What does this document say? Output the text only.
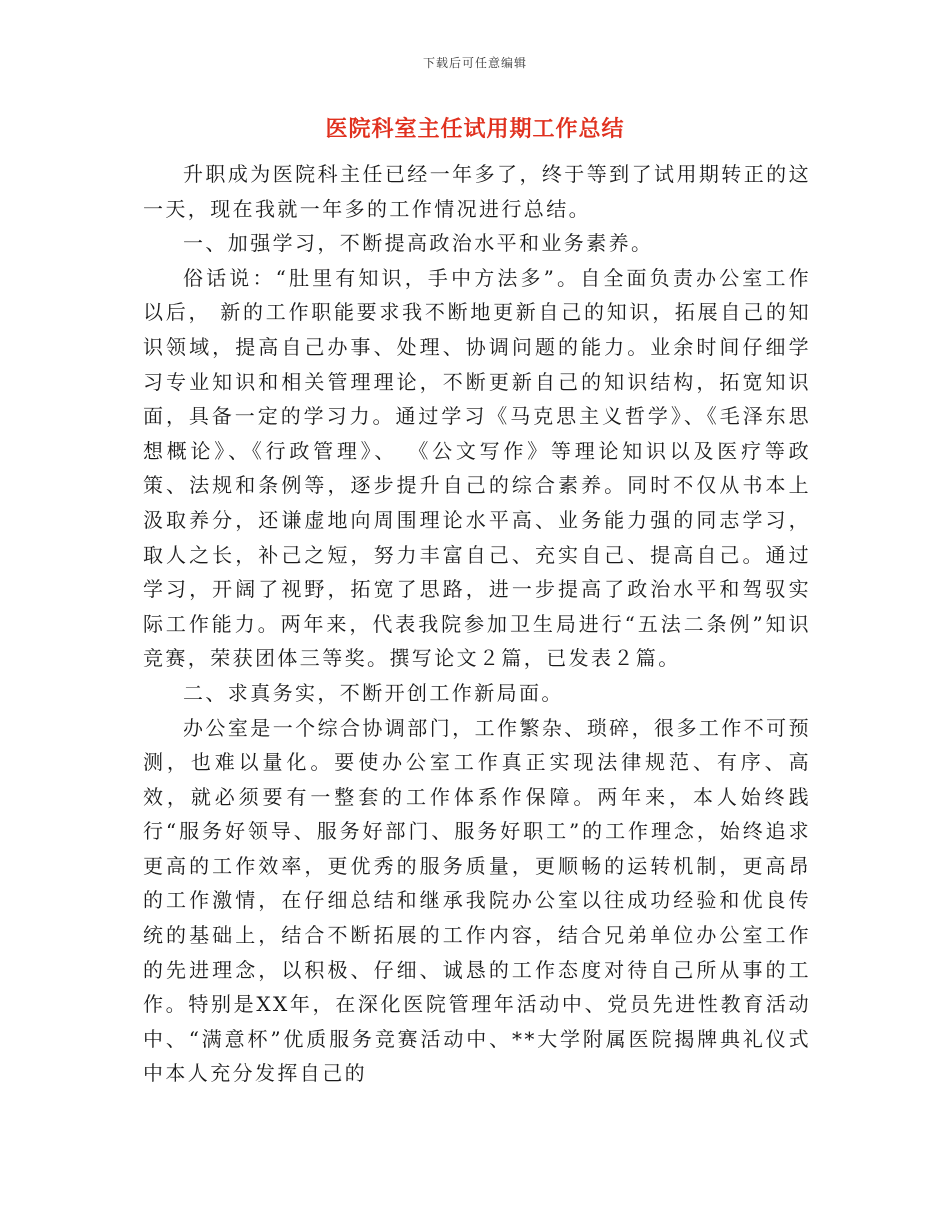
下载后可任意编辑
医院科室主任试用期工作总结

升职成为医院科主任已经一年多了，终于等到了试用期转正的这一天，现在我就一年多的工作情况进行总结。

一、加强学习，不断提高政治水平和业务素养。

俗话说：“肚里有知识，手中方法多”。自全面负责办公室工作以后， 新的工作职能要求我不断地更新自己的知识，拓展自己的知识领域，提高自己办事、处理、协调问题的能力。业余时间仔细学习专业知识和相关管理理论，不断更新自己的知识结构，拓宽知识面，具备一定的学习力。通过学习《马克思主义哲学》、《毛泽东思想概论》、《行政管理》、 《公文写作》等理论知识以及医疗等政策、法规和条例等，逐步提升自己的综合素养。同时不仅从书本上汲取养分，还谦虚地向周围理论水平高、业务能力强的同志学习，取人之长，补己之短，努力丰富自己、充实自己、提高自己。通过学习，开阔了视野，拓宽了思路，进一步提高了政治水平和驾驭实际工作能力。两年来，代表我院参加卫生局进行“五法二条例”知识竞赛，荣获团体三等奖。撰写论文２篇，已发表２篇。

二、求真务实，不断开创工作新局面。

办公室是一个综合协调部门，工作繁杂、琐碎，很多工作不可预测，也难以量化。要使办公室工作真正实现法律规范、有序、高效，就必须要有一整套的工作体系作保障。两年来，本人始终践行“服务好领导、服务好部门、服务好职工”的工作理念，始终追求更高的工作效率，更优秀的服务质量，更顺畅的运转机制，更高昂的工作激情，在仔细总结和继承我院办公室以往成功经验和优良传统的基础上，结合不断拓展的工作内容，结合兄弟单位办公室工作的先进理念，以积极、仔细、诚恳的工作态度对待自己所从事的工作。特别是XX年，在深化医院管理年活动中、党员先进性教育活动中、“满意杯”优质服务竞赛活动中、**大学附属医院揭牌典礼仪式中本人充分发挥自己的
